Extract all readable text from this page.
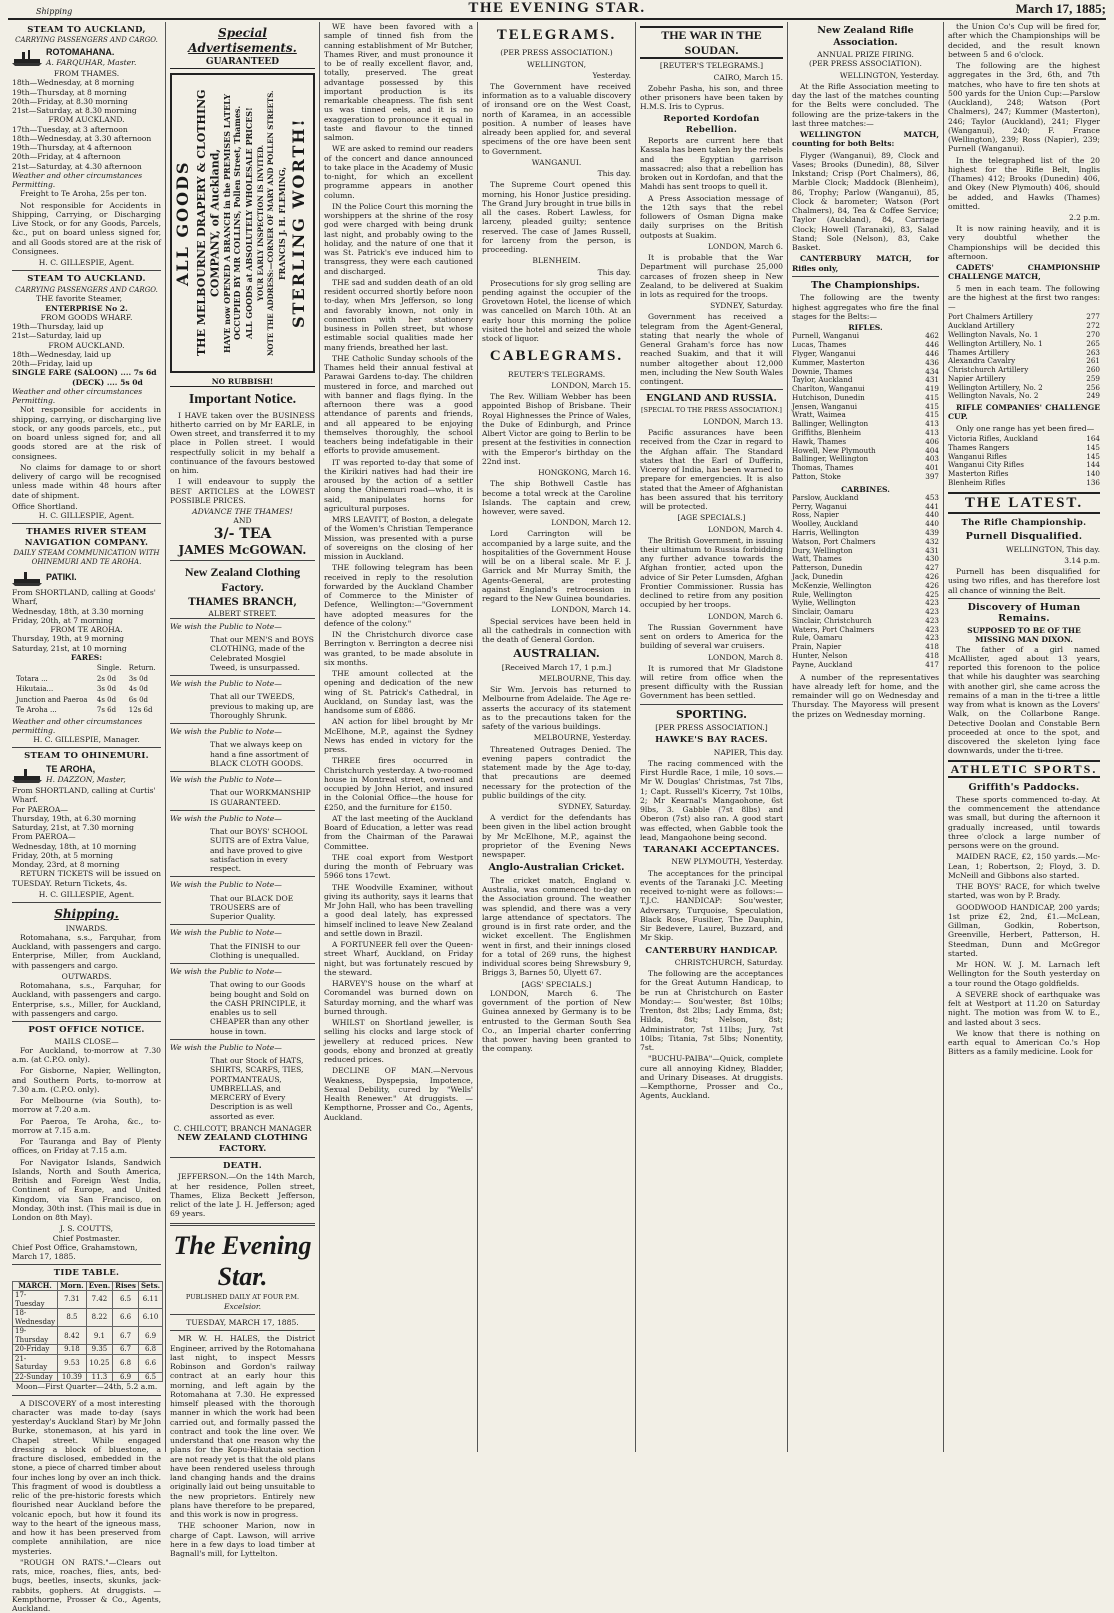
Shipping	THE EVENING STAR.	March 17, 1885;
STEAM TO AUCKLAND,
CARRYING PASSENGERS AND CARGO.
ROTOMAHANA.
A. FARQUHAR, Master.
FROM THAMES.
18th—Wednesday, at 8 morning
19th—Thursday, at 8 morning
20th—Friday, at 8.30 morning
21st—Saturday, at 8.30 morning
FROM AUCKLAND.
17th—Tuesday, at 3 afternoon
18th—Wednesday, at 3.30 afternoon
19th—Thursday, at 4 afternoon
20th—Friday, at 4 afternoon
21st—Saturday, at 4.30 afternoon
Weather and other circumstances Permitting.
Freight to Te Aroha, 25s per ton.
Not responsible for Accidents in Shipping, Carrying, or Discharging Live Stock, or for any Goods, Parcels, &c., put on board unless signed for, and all Goods stored are at the risk of Consignees.
H. C. GILLESPIE, Agent.
STEAM TO AUCKLAND.
CARRYING PASSENGERS AND CARGO.
THE favorite Steamer,
ENTERPRISE No 2.
FROM GOODS WHARF.
19th—Thursday, laid up
21st—Saturday, laid up
FROM AUCKLAND.
18th—Wednesday, laid up
20th—Friday, laid up
SINGLE FARE (SALOON) .... 7s 6d
(DECK) .... 5s 0d
Weather and other circumstances Permitting.
Not responsible for accidents in shipping, carrying, or discharging live stock, or any goods parcels, etc., put on board unless signed for, and all goods stored are at the risk of consignees.
No claims for damage to or short delivery of cargo will be recognised unless made within 48 hours after date of shipment.
Office Shortland.
H. C. GILLESPIE, Agent.
THAMES RIVER STEAM NAVIGATION COMPANY.
DAILY STEAM COMMUNICATION WITH OHINEMURI AND TE AROHA.
PATIKI.
From SHORTLAND, calling at Goods' Wharf,
Wednesday, 18th, at 3.30 morning
Friday, 20th, at 7 morning
FROM TE AROHA.
Thursday, 19th, at 9 morning
Saturday, 21st, at 10 morning
FARES:
	Single.	Return.
Totara ...	2s 0d	3s 0d
Hikutaia...	3s 0d	4s 0d
Junction and Paeroa	4s 0d	6s 0d
Te Aroha ...	7s 6d	12s 6d
Weather and other circumstances permitting.
H. C. GILLESPIE, Manager.
STEAM TO OHINEMURI.
TE AROHA,
H. DAZZON, Master,
From SHORTLAND, calling at Curtis' Wharf.
For PAEROA—
Thursday, 19th, at 6.30 morning
Saturday, 21st, at 7.30 morning
From PAEROA—
Wednesday, 18th, at 10 morning
Friday, 20th, at 5 morning
Monday, 23rd, at 8 morning
RETURN TICKETS will be issued on TUESDAY. Return Tickets, 4s.
H. C. GILLESPIE, Agent.
Shipping.
INWARDS.
Rotomahana, s.s., Farquhar, from Auckland, with passengers and cargo. Enterprise, Miller, from Auckland, with passengers and cargo.
OUTWARDS.
Rotomahana, s.s., Farquhar, for Auckland, with passengers and cargo. Enterprise, s.s., Miller, for Auckland, with passengers and cargo.
POST OFFICE NOTICE.
MAILS CLOSE—
For Auckland, to-morrow at 7.30 a.m. (at C.P.O. only).
For Gisborne, Napier, Wellington, and Southern Ports, to-morrow at 7.30 a.m. (C.P.O. only).
For Melbourne (via South), to-morrow at 7.20 a.m.
For Paeroa, Te Aroha, &c., to-morrow at 7.15 a.m.
For Tauranga and Bay of Plenty offices, on Friday at 7.15 a.m.
For Navigator Islands, Sandwich Islands, North and South America, British and Foreign West India, Continent of Europe, and United Kingdom, via San Francisco, on Monday, 30th inst. (This mail is due in London on 8th May).
J. S. COUTTS,
Chief Postmaster.
Chief Post Office, Grahamstown, March 17, 1885.
TIDE TABLE.
MARCH.	Morn.	Even.	Rises	Sets.
17-Tuesday	7.31	7.42	6.5	6.11
18-Wednesday	8.5	8.22	6.6	6.10
19-Thursday	8.42	9.1	6.7	6.9
20-Friday	9.18	9.35	6.7	6.8
21-Saturday	9.53	10.25	6.8	6.6
22-Sunday	10.39	11.3	6.9	6.5
Moon—First Quarter—24th, 5.2 a.m.
A DISCOVERY of a most interesting character was made to-day (says yesterday's Auckland Star) by Mr John Burke, stonemason, at his yard in Chapel street. While engaged dressing a block of bluestone, a fracture disclosed, embedded in the stone, a piece of charred timber about four inches long by over an inch thick. This fragment of wood is doubtless a relic of the pre-historic forests which flourished near Auckland before the volcanic epoch, but how it found its way to the heart of the igneous mass, and how it has been preserved from complete annihilation, are nice mysteries.
"ROUGH ON RATS."—Clears out rats, mice, roaches, flies, ants, bed-bugs, beetles, insects, skunks, jack-rabbits, gophers. At druggists. — Kempthorne, Prosser & Co., Agents, Auckland.
Special Advertisements.
GUARANTEED
ALL GOODS THE MELBOURNE DRAPERY & CLOTHING COMPANY, of Auckland, HAVE now OPENED A BRANCH in the PREMISES LATELY OCCUPIED BY MR COLLINS, Pollen Street, Thames. ALL GOODS at ABSOLUTELY WHOLESALE PRICES! YOUR EARLY INSPECTION IS INVITED. NOTE THE ADDRESS:—CORNER OF MARY AND POLLEN STREETS. FRANCIS J. H. FLEMING, STERLING WORTH!
NO RUBBISH!
Important Notice.
I HAVE taken over the BUSINESS hitherto carried on by Mr EARLE, in Owen street, and transferred it to my place in Pollen street. I would respectfully solicit in my behalf a continuance of the favours bestowed on him.
I will endeavour to supply the BEST ARTICLES at the LOWEST POSSIBLE PRICES.
ADVANCE THE THAMES!
AND
3/- TEA
JAMES McGOWAN.
New Zealand Clothing Factory.
THAMES BRANCH,
ALBERT STREET.
We wish the Public to Note—
That our MEN'S and BOYS CLOTHING, made of the Celebrated Mosgiel Tweed, is unsurpassed.
We wish the Public to Note—
That all our TWEEDS, previous to making up, are Thoroughly Shrunk.
We wish the Public to Note—
That we always keep on hand a fine assortment of BLACK CLOTH GOODS.
We wish the Public to Note—
That our WORKMANSHIP IS GUARANTEED.
We wish the Public to Note—
That our BOYS' SCHOOL SUITS are of Extra Value, and have proved to give satisfaction in every respect.
We wish the Public to Note—
That our BLACK DOE TROUSERS are of Superior Quality.
We wish the Public to Note—
That the FINISH to our Clothing is unequalled.
We wish the Public to Note—
That owing to our Goods being bought and Sold on the CASH PRINCIPLE, it enables us to sell CHEAPER than any other house in town.
We wish the Public to Note—
That our Stock of HATS, SHIRTS, SCARFS, TIES, PORTMANTEAUS, UMBRELLAS, and MERCERY of Every Description is as well assorted as ever.
C. CHILCOTT, BRANCH MANAGER
NEW ZEALAND CLOTHING FACTORY.
DEATH.
JEFFERSON.—On the 14th March, at her residence, Pollen street, Thames, Eliza Beckett Jefferson, relict of the late J. H. Jefferson; aged 69 years.
The Evening Star.
PUBLISHED DAILY AT FOUR P.M.
Excelsior.
TUESDAY, MARCH 17, 1885.
MR W. H. HALES, the District Engineer, arrived by the Rotomahana last night, to inspect Messrs Robinson and Gordon's railway contract at an early hour this morning, and left again by the Rotomahana at 7.30. He expressed himself pleased with the thorough manner in which the work had been carried out, and formally passed the contract and took the line over. We understand that one reason why the plans for the Kopu-Hikutaia section are not ready yet is that the old plans have been rendered useless through land changing hands and the drains originally laid out being unsuitable to the new proprietors. Entirely new plans have therefore to be prepared, and this work is now in progress.
THE schooner Marion, now in charge of Capt. Lawson, will arrive here in a few days to load timber at Bagnall's mill, for Lyttelton.
WE have been favored with a sample of tinned fish from the canning establishment of Mr Butcher, Thames River, and must pronounce it to be of really excellent flavor, and, totally, preserved. The great advantage possessed by this important production is its remarkable cheapness. The fish sent us was tinned eels, and it is no exaggeration to pronounce it equal in taste and flavour to the tinned salmon.
WE are asked to remind our readers of the concert and dance announced to take place in the Academy of Music to-night, for which an excellent programme appears in another column.
IN the Police Court this morning the worshippers at the shrine of the rosy god were charged with being drunk last night, and probably owing to the holiday, and the nature of one that it was St. Patrick's eve induced him to transgress, they were each cautioned and discharged.
THE sad and sudden death of an old resident occurred shortly before noon to-day, when Mrs Jefferson, so long and favorably known, not only in connection with her stationery business in Pollen street, but whose estimable social qualities made her many friends, breathed her last.
THE Catholic Sunday schools of the Thames held their annual festival at Parawai Gardens to-day. The children mustered in force, and marched out with banner and flags flying. In the afternoon there was a good attendance of parents and friends, and all appeared to be enjoying themselves thoroughly, the school teachers being indefatigable in their efforts to provide amusement.
IT was reported to-day that some of the Kirikiri natives had had their ire aroused by the action of a settler along the Ohinemuri road—who, it is said, manipulates horns for agricultural purposes.
MRS LEAVITT, of Boston, a delegate of the Women's Christian Temperance Mission, was presented with a purse of sovereigns on the closing of her mission in Auckland.
THE following telegram has been received in reply to the resolution forwarded by the Auckland Chamber of Commerce to the Minister of Defence, Wellington:—"Government have adopted measures for the defence of the colony."
IN the Christchurch divorce case Berrington v. Berrington a decree nisi was granted, to be made absolute in six months.
THE amount collected at the opening and dedication of the new wing of St. Patrick's Cathedral, in Auckland, on Sunday last, was the handsome sum of £886.
AN action for libel brought by Mr McElhone, M.P., against the Sydney News has ended in victory for the press.
THREE fires occurred in Christchurch yesterday. A two-roomed house in Montreal street, owned and occupied by John Heriot, and insured in the Colonial Office—the house for £250, and the furniture for £150.
AT the last meeting of the Auckland Board of Education, a letter was read from the Chairman of the Parawai Committee.
THE coal export from Westport during the month of February was 5966 tons 17cwt.
THE Woodville Examiner, without giving its authority, says it learns that Mr John Hall, who has been travelling a good deal lately, has expressed himself inclined to leave New Zealand and settle down in Brazil.
A FORTUNEER fell over the Queen-street Wharf, Auckland, on Friday night, but was fortunately rescued by the steward.
HARVEY'S house on the wharf at Coromandel was burned down on Saturday morning, and the wharf was burned through.
WHILST on Shortland jeweller, is selling his clocks and large stock of jewellery at reduced prices. New goods, ebony and bronzed at greatly reduced prices.
DECLINE OF MAN.—Nervous Weakness, Dyspepsia, Impotence, Sexual Debility, cured by "Wells' Health Renewer." At druggists. — Kempthorne, Prosser and Co., Agents, Auckland.
TELEGRAMS.
(PER PRESS ASSOCIATION.)
WELLINGTON,
Yesterday.
The Government have received information as to a valuable discovery of ironsand ore on the West Coast, north of Karamea, in an accessible position. A number of leases have already been applied for, and several specimens of the ore have been sent to Government.
WANGANUI.
This day.
The Supreme Court opened this morning, his Honor Justice presiding. The Grand Jury brought in true bills in all the cases. Robert Lawless, for larceny, pleaded guilty; sentence reserved. The case of James Russell, for larceny from the person, is proceeding.
BLENHEIM.
This day.
Prosecutions for sly grog selling are pending against the occupier of the Grovetown Hotel, the license of which was cancelled on March 10th. At an early hour this morning the police visited the hotel and seized the whole stock of liquor.
CABLEGRAMS.
REUTER'S TELEGRAMS.
LONDON, March 15.
The Rev. William Webber has been appointed Bishop of Brisbane. Their Royal Highnesses the Prince of Wales, the Duke of Edinburgh, and Prince Albert Victor are going to Berlin to be present at the festivities in connection with the Emperor's birthday on the 22nd inst.
HONGKONG, March 16.
The ship Bothwell Castle has become a total wreck at the Caroline Islands. The captain and crew, however, were saved.
LONDON, March 12.
Lord Carrington will be accompanied by a large suite, and the hospitalities of the Government House will be on a liberal scale. Mr F. J. Garrick and Mr Murray Smith, the Agents-General, are protesting against England's retrocession in regard to the New Guinea boundaries.
LONDON, March 14.
Special services have been held in all the cathedrals in connection with the death of General Gordon.
AUSTRALIAN.
[Received March 17, 1 p.m.]
MELBOURNE, This day.
Sir Wm. Jervois has returned to Melbourne from Adelaide. The Age re-asserts the accuracy of its statement as to the precautions taken for the safety of the various buildings.
MELBOURNE, Yesterday.
Threatened Outrages Denied. The evening papers contradict the statement made by the Age to-day, that precautions are deemed necessary for the protection of the public buildings of the city.
SYDNEY, Saturday.
A verdict for the defendants has been given in the libel action brought by Mr McElhone, M.P., against the proprietor of the Evening News newspaper.
Anglo-Australian Cricket.
The cricket match, England v. Australia, was commenced to-day on the Association ground. The weather was splendid, and there was a very large attendance of spectators. The ground is in first rate order, and the wicket excellent. The Englishmen went in first, and their innings closed for a total of 269 runs, the highest individual scores being Shrewsbury 9, Briggs 3, Barnes 50, Ulyett 67.
[AGS' SPECIALS.]
LONDON, March 6. The government of the portion of New Guinea annexed by Germany is to be entrusted to the German South Sea Co., an Imperial charter conferring that power having been granted to the company.
THE WAR IN THE SOUDAN.
[REUTER'S TELEGRAMS.]
CAIRO, March 15.
Zobehr Pasha, his son, and three other prisoners have been taken by H.M.S. Iris to Cyprus.
Reported Kordofan Rebellion.
Reports are current here that Kassala has been taken by the rebels and the Egyptian garrison massacred; also that a rebellion has broken out in Kordofan, and that the Mahdi has sent troops to quell it.
A Press Association message of the 12th says that the rebel followers of Osman Digna make daily surprises on the British outposts at Suakim.
LONDON, March 6.
It is probable that the War Department will purchase 25,000 carcases of frozen sheep in New Zealand, to be delivered at Suakim in lots as required for the troops.
SYDNEY, Saturday.
Government has received a telegram from the Agent-General, stating that nearly the whole of General Graham's force has now reached Suakim, and that it will number altogether about 12,000 men, including the New South Wales contingent.
ENGLAND AND RUSSIA.
[SPECIAL TO THE PRESS ASSOCIATION.]
LONDON, March 13.
Pacific assurances have been received from the Czar in regard to the Afghan affair. The Standard states that the Earl of Dufferin, Viceroy of India, has been warned to prepare for emergencies. It is also stated that the Ameer of Afghanistan has been assured that his territory will be protected.
[AGE SPECIALS.]
LONDON, March 4.
The British Government, in issuing their ultimatum to Russia forbidding any further advance towards the Afghan frontier, acted upon the advice of Sir Peter Lumsden, Afghan Frontier Commissioner. Russia has declined to retire from any position occupied by her troops.
LONDON, March 6.
The Russian Government have sent on orders to America for the building of several war cruisers.
LONDON, March 8.
It is rumored that Mr Gladstone will retire from office when the present difficulty with the Russian Government has been settled.
SPORTING.
[PER PRESS ASSOCIATION.]
HAWKE'S BAY RACES.
NAPIER, This day.
The racing commenced with the First Hurdle Race, 1 mile, 10 sovs.—Mr W. Douglas' Christmas, 7st 7lbs, 1; Capt. Russell's Kicerry, 7st 10lbs, 2; Mr Kearnal's Mangaohone, 6st 9lbs, 3. Gabble (7st 8lbs) and Oberon (7st) also ran. A good start was effected, when Gabble took the lead, Mangaohone being second.
TARANAKI ACCEPTANCES.
NEW PLYMOUTH, Yesterday.
The acceptances for the principal events of the Taranaki J.C. Meeting received to-night were as follows:— T.J.C. HANDICAP: Sou'wester, Adversary, Turquoise, Speculation, Black Rose, Fusilier, The Dauphin, Sir Bedevere, Laurel, Buzzard, and Mr Skip.
CANTERBURY HANDICAP.
CHRISTCHURCH, Saturday.
The following are the acceptances for the Great Autumn Handicap, to be run at Christchurch on Easter Monday:— Sou'wester, 8st 10lbs; Trenton, 8st 2lbs; Lady Emma, 8st; Hilda, 8st; Nelson, 8st; Administrator, 7st 11lbs; Jury, 7st 10lbs; Titania, 7st 5lbs; Nonentity, 7st.
"BUCHU-PAIBA"—Quick, complete cure all annoying Kidney, Bladder, and Urinary Diseases. At druggists.—Kempthorne, Prosser and Co., Agents, Auckland.
New Zealand Rifle Association.
ANNUAL PRIZE FIRING.
(PER PRESS ASSOCIATION).
WELLINGTON, Yesterday.
At the Rifle Association meeting to day the last of the matches counting for the Belts were concluded. The following are the prize-takers in the last three matches:—
WELLINGTON MATCH, counting for both Belts:
Flyger (Wanganui), 89, Clock and Vases; Brooks (Dunedin), 88, Silver Inkstand; Crisp (Port Chalmers), 86, Marble Clock; Maddock (Blenheim), 86, Trophy; Parlow (Wanganui), 85, Clock & barometer; Watson (Port Chalmers), 84, Tea & Coffee Service; Taylor (Auckland), 84, Carriage Clock; Howell (Taranaki), 83, Salad Stand; Sole (Nelson), 83, Cake Basket.
CANTERBURY MATCH, for Rifles only,
The Championships.
The following are the twenty highest aggregates who fire the final stages for the Belts:—
RIFLES.
Purnell, Wanganui	462
Lucas, Thames	446
Flyger, Wanganui	446
Kummer, Masterton	436
Downie, Thames	434
Taylor, Auckland	431
Charlton, Wanganui	419
Hutchison, Dunedin	415
Jensen, Wanganui	415
Wratt, Waimea	415
Ballinger, Wellington	413
Griffiths, Blenheim	413
Hawk, Thames	406
Howell, New Plymouth	404
Ballinger, Wellington	403
Thomas, Thames	401
Patton, Stoke	397
CARBINES.
Parslow, Auckland	453
Perry, Waganui	441
Ross, Napier	440
Woolley, Auckland	440
Harris, Wellington	439
Watson, Port Chalmers	432
Dury, Wellington	431
Watt, Thames	430
Patterson, Dunedin	427
Jack, Dunedin	426
McKenzie, Wellington	426
Rule, Wellington	425
Wylie, Wellington	423
Sinclair, Oamaru	423
Sinclair, Christchurch	423
Waters, Port Chalmers	423
Rule, Oamaru	423
Prain, Napier	418
Hunter, Nelson	418
Payne, Auckland	417
A number of the representatives have already left for home, and the remainder will go on Wednesday and Thursday. The Mayoress will present the prizes on Wednesday morning.
the Union Co's Cup will be fired for, after which the Championships will be decided, and the result known between 5 and 6 o'clock.
The following are the highest aggregates in the 3rd, 6th, and 7th matches, who have to fire ten shots at 500 yards for the Union Cup:—Parslow (Auckland), 248; Watson (Port Chalmers), 247; Kummer (Masterton), 246; Taylor (Auckland), 241; Flyger (Wanganui), 240; F. France (Wellington), 239; Ross (Napier), 239; Purnell (Wanganui).
In the telegraphed list of the 20 highest for the Rifle Belt, Inglis (Thames) 412; Brooks (Dunedin) 406, and Okey (New Plymouth) 406, should be added, and Hawks (Thames) omitted.
2.2 p.m.
It is now raining heavily, and it is very doubtful whether the Championships will be decided this afternoon.
CADETS' CHAMPIONSHIP CHALLENGE MATCH,
5 men in each team. The following are the highest at the first two ranges:—
Port Chalmers Artillery	277
Auckland Artillery	272
Wellington Navals, No. 1	270
Wellington Artillery, No. 1	265
Thames Artillery	263
Alexandra Cavalry	261
Christchurch Artillery	260
Napier Artillery	259
Wellington Artillery, No. 2	256
Wellington Navals, No. 2	249
RIFLE COMPANIES' CHALLENGE CUP.
Only one range has yet been fired—
Victoria Rifles, Auckland	164
Thames Rangers	145
Wanganui Rifles	145
Wanganui City Rifles	144
Masterton Rifles	140
Blenheim Rifles	136
THE LATEST.
The Rifle Championship.
Purnell Disqualified.
WELLINGTON, This day.
3.14 p.m.
Purnell has been disqualified for using two rifles, and has therefore lost all chance of winning the Belt.
Discovery of Human Remains.
SUPPOSED TO BE OF THE MISSING MAN DIXON.
The father of a girl named McAllister, aged about 13 years, reported this forenoon to the police that while his daughter was searching with another girl, she came across the remains of a man in the ti-tree a little way from what is known as the Lovers' Walk, on the Collarbone Range. Detective Doolan and Constable Bern proceeded at once to the spot, and discovered the skeleton lying face downwards, under the ti-tree.
ATHLETIC SPORTS.
Griffith's Paddocks.
These sports commenced to-day. At the commencement the attendance was small, but during the afternoon it gradually increased, until towards three o'clock a large number of persons were on the ground.
MAIDEN RACE, £2, 150 yards.—Mc-Lean, 1; Robertson, 2; Floyd, 3. D. McNeill and Gibbons also started.
THE BOYS' RACE, for which twelve started, was won by P. Brady.
GOODWOOD HANDICAP, 200 yards; 1st prize £2, 2nd, £1.—McLean, Gillman, Godkin, Robertson, Greenville, Herbert, Patterson, H. Steedman, Dunn and McGregor started.
Mr HON. W. J. M. Larnach left Wellington for the South yesterday on a tour round the Otago goldfields.
A SEVERE shock of earthquake was felt at Westport at 11.20 on Saturday night. The motion was from W. to E., and lasted about 3 secs.
We know that there is nothing on earth equal to American Co.'s Hop Bitters as a family medicine. Look for
